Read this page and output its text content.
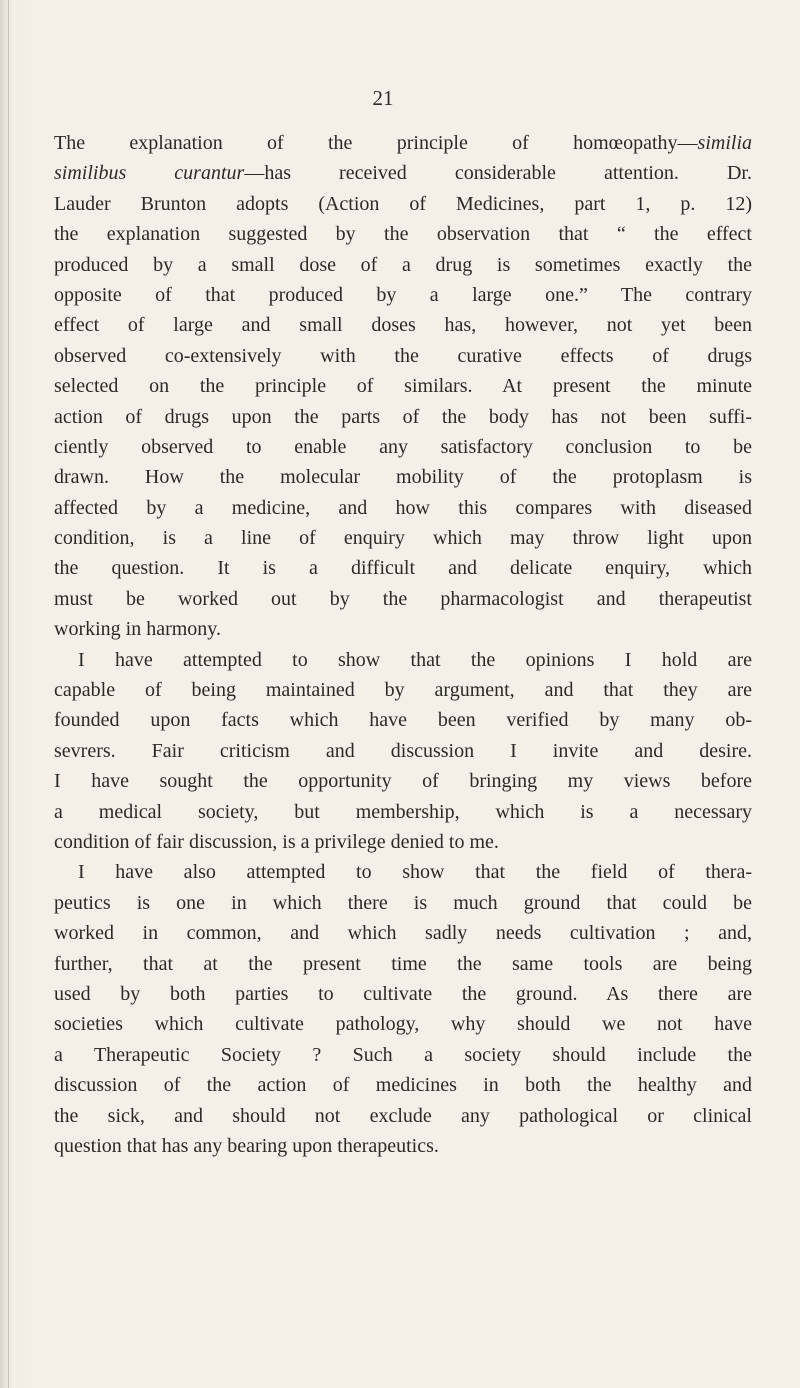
21
The explanation of the principle of homœopathy—similia
similibus curantur—has received considerable attention. Dr.
Lauder Brunton adopts (Action of Medicines, part 1, p. 12)
the explanation suggested by the observation that “ the effect
produced by a small dose of a drug is sometimes exactly the
opposite of that produced by a large one.” The contrary
effect of large and small doses has, however, not yet been
observed co-extensively with the curative effects of drugs
selected on the principle of similars. At present the minute
action of drugs upon the parts of the body has not been suffi-
ciently observed to enable any satisfactory conclusion to be
drawn. How the molecular mobility of the protoplasm is
affected by a medicine, and how this compares with diseased
condition, is a line of enquiry which may throw light upon
the question. It is a difficult and delicate enquiry, which
must be worked out by the pharmacologist and therapeutist
working in harmony.
I have attempted to show that the opinions I hold are
capable of being maintained by argument, and that they are
founded upon facts which have been verified by many ob-
sevrers. Fair criticism and discussion I invite and desire.
I have sought the opportunity of bringing my views before
a medical society, but membership, which is a necessary
condition of fair discussion, is a privilege denied to me.
I have also attempted to show that the field of thera-
peutics is one in which there is much ground that could be
worked in common, and which sadly needs cultivation ; and,
further, that at the present time the same tools are being
used by both parties to cultivate the ground. As there are
societies which cultivate pathology, why should we not have
a Therapeutic Society ? Such a society should include the
discussion of the action of medicines in both the healthy and
the sick, and should not exclude any pathological or clinical
question that has any bearing upon therapeutics.
